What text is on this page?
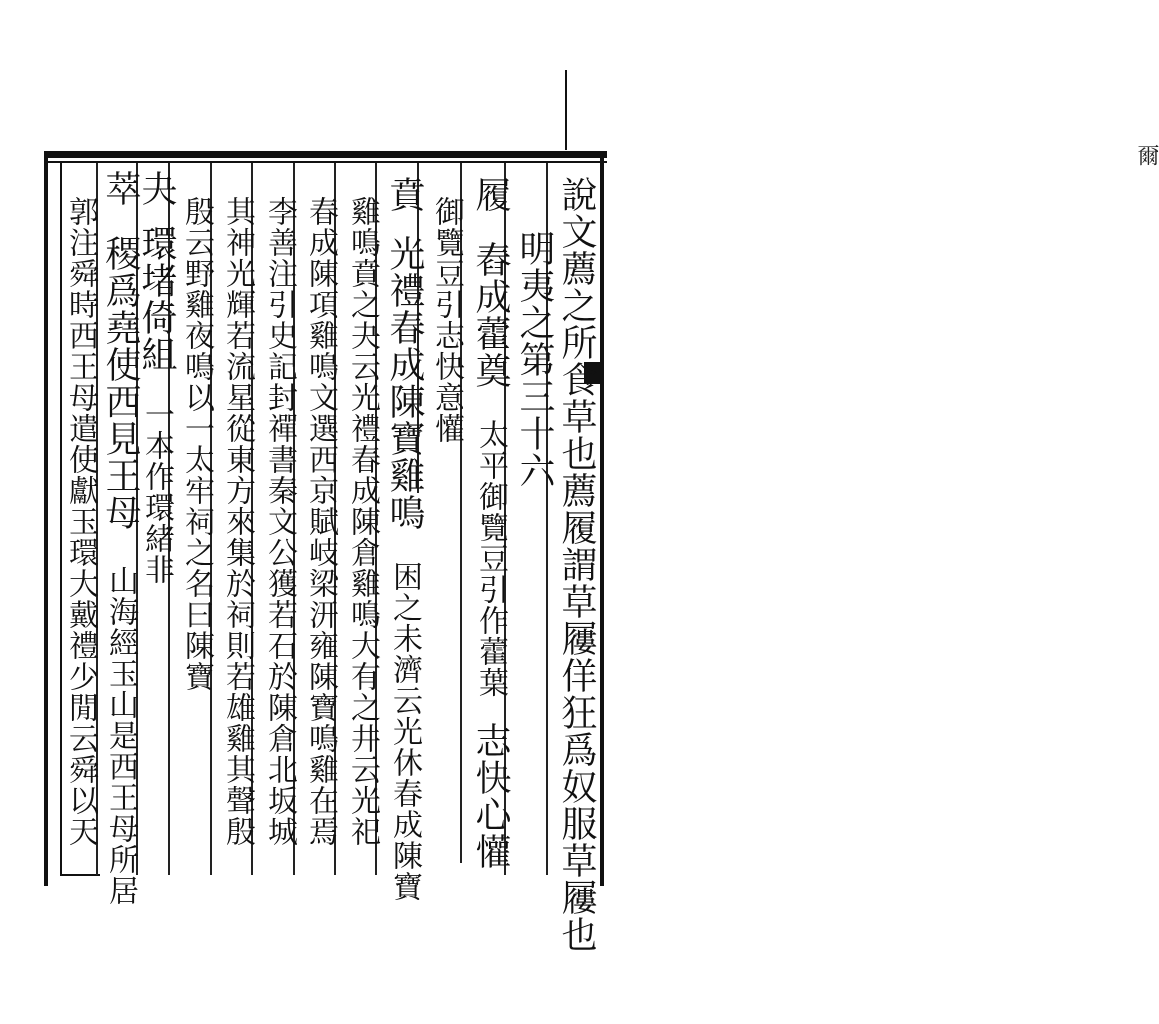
爾
說文薦之所食草也薦履謂草屨佯狂爲奴服草屨也
明夷之第三十六
履舂成藿奠太平御覽豆引作藿葉志快心懽
御覽豆引志快意懽
賁光禮春成陳寶雞鳴困之未濟云光休春成陳寶
雞鳴賁之夬云光禮春成陳倉雞鳴大有之井云光祀
春成陳項雞鳴文選西京賦岐梁汧雍陳寶鳴雞在焉
李善注引史記封禪書秦文公獲若石於陳倉北坂城
其神光輝若流星從東方來集於祠則若雄雞其聲殷
殷云野雞夜鳴以一太牢祠之名曰陳寶
夬環堵倚組一本作環緒非
萃稷爲堯使西見王母山海經玉山是西王母所居
郭注舜時西王母遣使獻玉環大戴禮少閒云舜以天
